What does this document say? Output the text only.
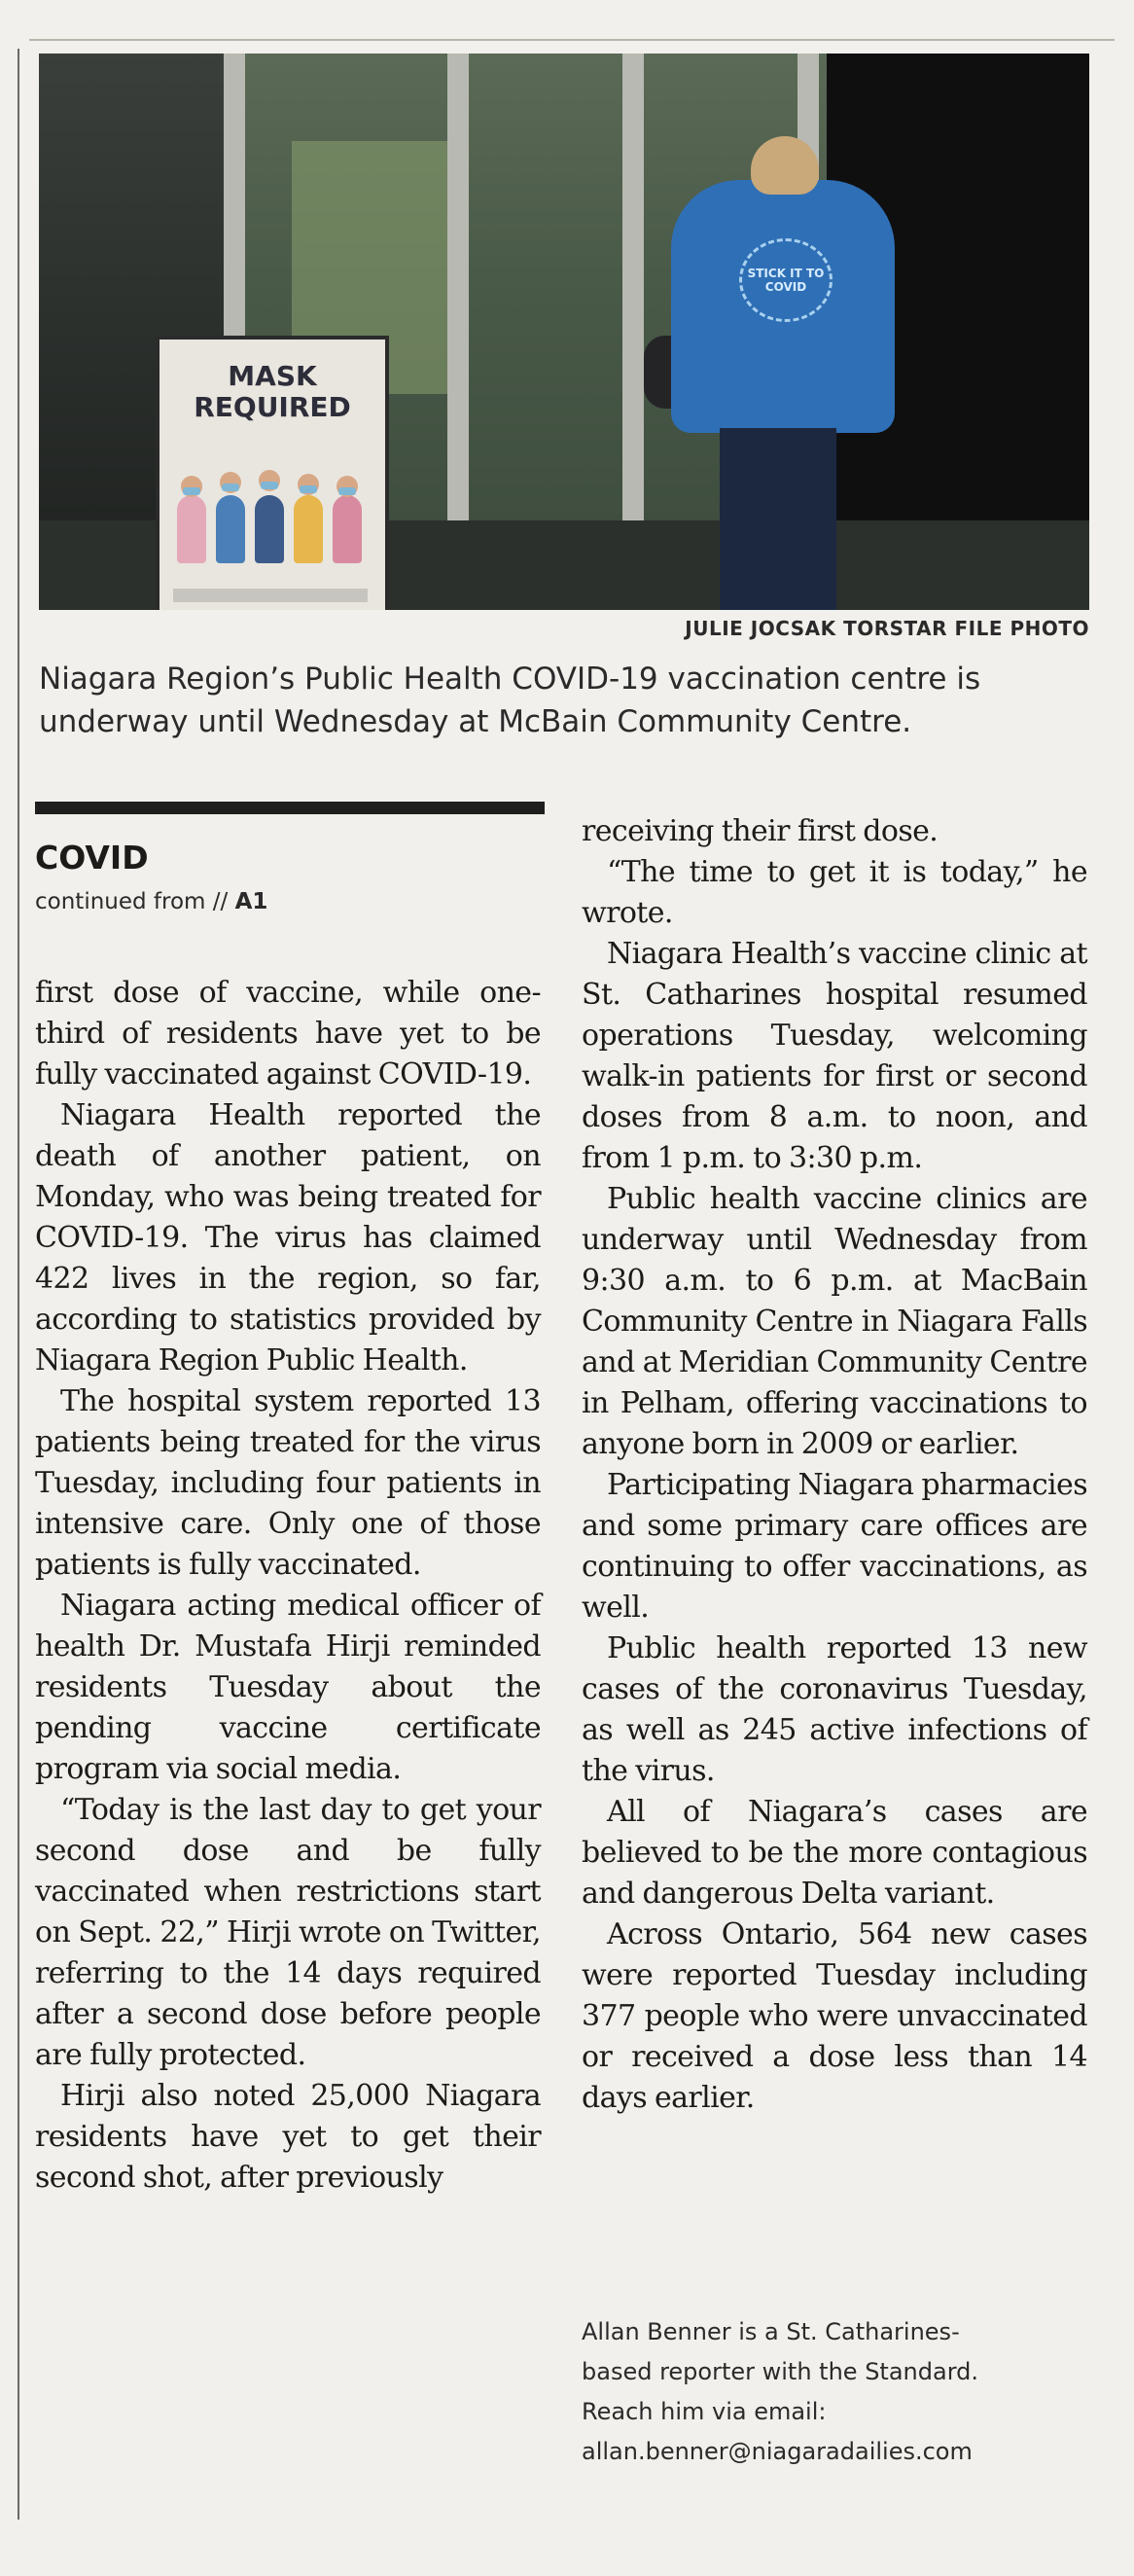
MASK REQUIRED
STICK IT TO COVID
JULIE JOCSAK TORSTAR FILE PHOTO
Niagara Region’s Public Health COVID-19 vaccination centre is underway until Wednesday at McBain Community Centre.
COVID
continued from // A1

first dose of vaccine, while one-third of residents have yet to be fully vaccinated against COVID-19.

Niagara Health reported the death of another patient, on Monday, who was being treated for COVID-19. The virus has claimed 422 lives in the region, so far, according to statistics provided by Niagara Region Public Health.

The hospital system reported 13 patients being treated for the virus Tuesday, including four patients in intensive care. Only one of those patients is fully vaccinated.

Niagara acting medical officer of health Dr. Mustafa Hirji reminded residents Tuesday about the pending vaccine certificate program via social media.

“Today is the last day to get your second dose and be fully vaccinated when restrictions start on Sept. 22,” Hirji wrote on Twitter, referring to the 14 days required after a second dose before people are fully protected.

Hirji also noted 25,000 Niagara residents have yet to get their second shot, after previously

receiving their first dose.

“The time to get it is today,” he wrote.

Niagara Health’s vaccine clinic at St. Catharines hospital resumed operations Tuesday, welcoming walk-in patients for first or second doses from 8 a.m. to noon, and from 1 p.m. to 3:30 p.m.

Public health vaccine clinics are underway until Wednesday from 9:30 a.m. to 6 p.m. at MacBain Community Centre in Niagara Falls and at Meridian Community Centre in Pelham, offering vaccinations to anyone born in 2009 or earlier.

Participating Niagara pharmacies and some primary care offices are continuing to offer vaccinations, as well.

Public health reported 13 new cases of the coronavirus Tuesday, as well as 245 active infections of the virus.

All of Niagara’s cases are believed to be the more contagious and dangerous Delta variant.

Across Ontario, 564 new cases were reported Tuesday including 377 people who were unvaccinated or received a dose less than 14 days earlier.

Allan Benner is a St. Catharines-

based reporter with the Standard.

Reach him via email:

allan.benner@niagaradailies.com
